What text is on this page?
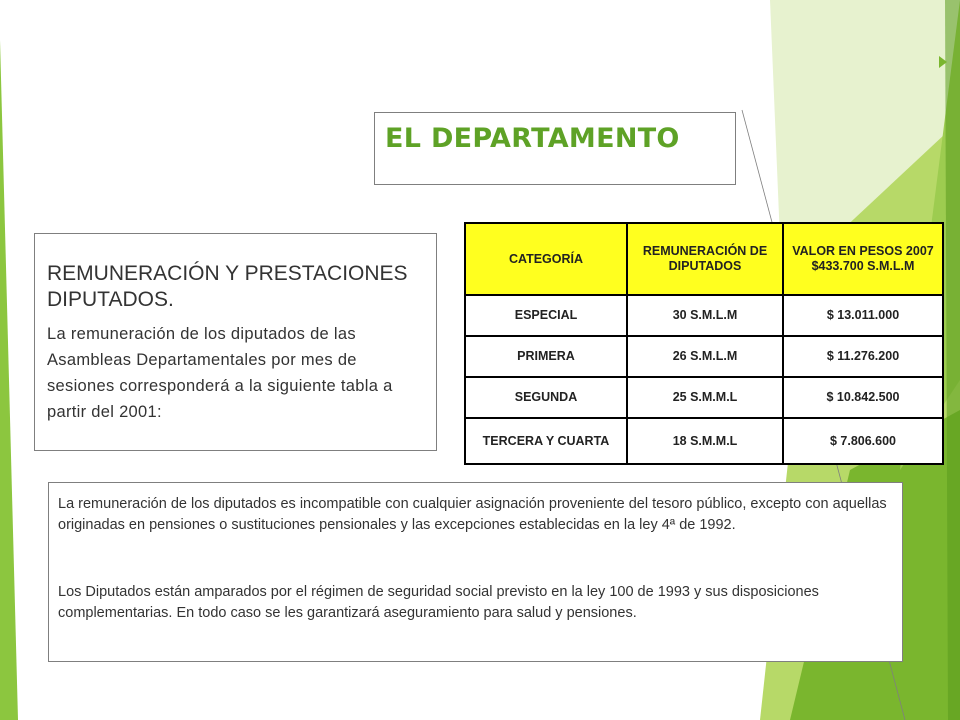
EL DEPARTAMENTO
REMUNERACIÓN Y PRESTACIONES DIPUTADOS.

La remuneración de los diputados de las Asambleas Departamentales por mes de sesiones corresponderá a la siguiente tabla a partir del 2001:

CATEGORÍA	REMUNERACIÓN DE DIPUTADOS	VALOR EN PESOS 2007 $433.700 S.M.L.M
ESPECIAL	30 S.M.L.M	$ 13.011.000
PRIMERA	26 S.M.L.M	$ 11.276.200
SEGUNDA	25 S.M.M.L	$ 10.842.500
TERCERA Y CUARTA	18 S.M.M.L	$ 7.806.600

La remuneración de los diputados es incompatible con cualquier asignación proveniente del tesoro público, excepto con aquellas originadas en pensiones o sustituciones pensionales y las excepciones establecidas en la ley 4ª de 1992.

Los Diputados están amparados por el régimen de seguridad social previsto en la ley 100 de 1993 y sus disposiciones complementarias. En todo caso se les garantizará aseguramiento para salud y pensiones.
